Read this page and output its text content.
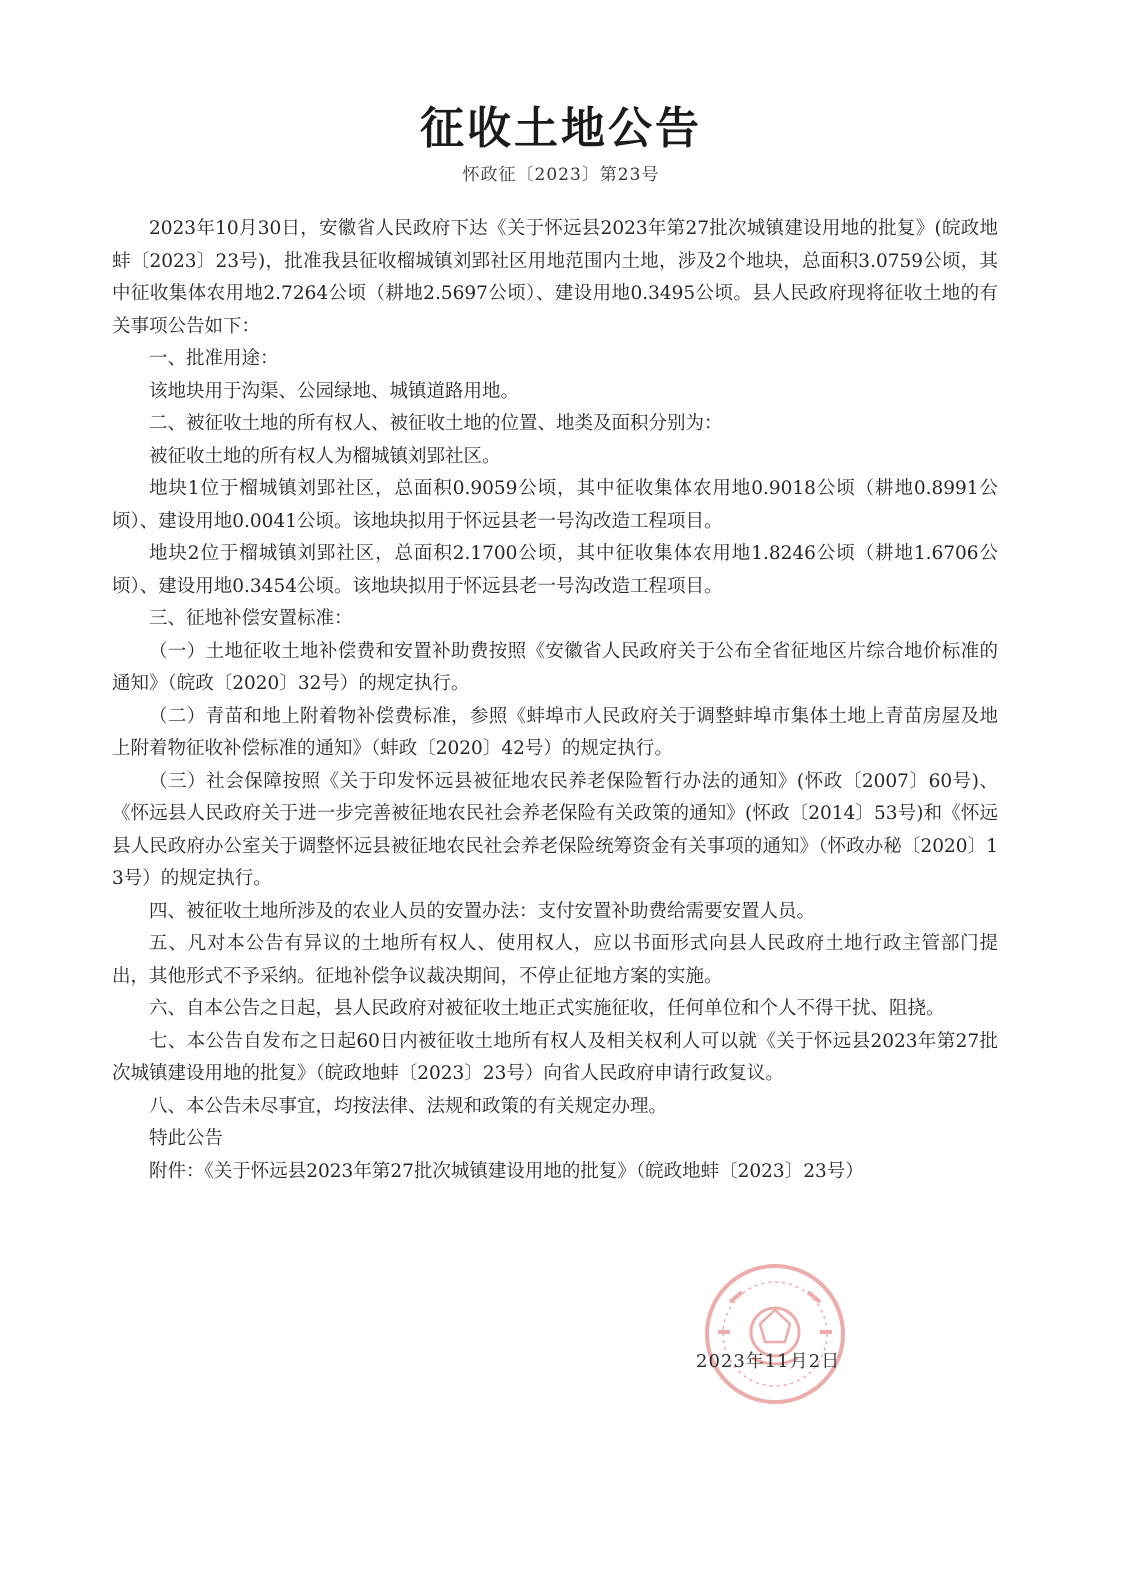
征收土地公告
怀政征〔2023〕第23号

2023年10月30日，安徽省人民政府下达《关于怀远县2023年第27批次城镇建设用地的批复》(皖政地蚌〔2023〕23号)，批准我县征收榴城镇刘郢社区用地范围内土地，涉及2个地块，总面积3.0759公顷，其中征收集体农用地2.7264公顷（耕地2.5697公顷）、建设用地0.3495公顷。县人民政府现将征收土地的有关事项公告如下：

一、批准用途：

该地块用于沟渠、公园绿地、城镇道路用地。

二、被征收土地的所有权人、被征收土地的位置、地类及面积分别为：

被征收土地的所有权人为榴城镇刘郢社区。

地块1位于榴城镇刘郢社区，总面积0.9059公顷，其中征收集体农用地0.9018公顷（耕地0.8991公顷）、建设用地0.0041公顷。该地块拟用于怀远县老一号沟改造工程项目。

地块2位于榴城镇刘郢社区，总面积2.1700公顷，其中征收集体农用地1.8246公顷（耕地1.6706公顷）、建设用地0.3454公顷。该地块拟用于怀远县老一号沟改造工程项目。

三、征地补偿安置标准：

（一）土地征收土地补偿费和安置补助费按照《安徽省人民政府关于公布全省征地区片综合地价标准的通知》（皖政〔2020〕32号）的规定执行。

（二）青苗和地上附着物补偿费标准，参照《蚌埠市人民政府关于调整蚌埠市集体土地上青苗房屋及地上附着物征收补偿标准的通知》（蚌政〔2020〕42号）的规定执行。

（三）社会保障按照《关于印发怀远县被征地农民养老保险暂行办法的通知》(怀政〔2007〕60号)、《怀远县人民政府关于进一步完善被征地农民社会养老保险有关政策的通知》(怀政〔2014〕53号)和《怀远县人民政府办公室关于调整怀远县被征地农民社会养老保险统筹资金有关事项的通知》（怀政办秘〔2020〕13号）的规定执行。

四、被征收土地所涉及的农业人员的安置办法：支付安置补助费给需要安置人员。

五、凡对本公告有异议的土地所有权人、使用权人，应以书面形式向县人民政府土地行政主管部门提出，其他形式不予采纳。征地补偿争议裁决期间，不停止征地方案的实施。

六、自本公告之日起，县人民政府对被征收土地正式实施征收，任何单位和个人不得干扰、阻挠。

七、本公告自发布之日起60日内被征收土地所有权人及相关权利人可以就《关于怀远县2023年第27批次城镇建设用地的批复》（皖政地蚌〔2023〕23号）向省人民政府申请行政复议。

八、本公告未尽事宜，均按法律、法规和政策的有关规定办理。

特此公告

附件：《关于怀远县2023年第27批次城镇建设用地的批复》（皖政地蚌〔2023〕23号）

2023年11月2日
